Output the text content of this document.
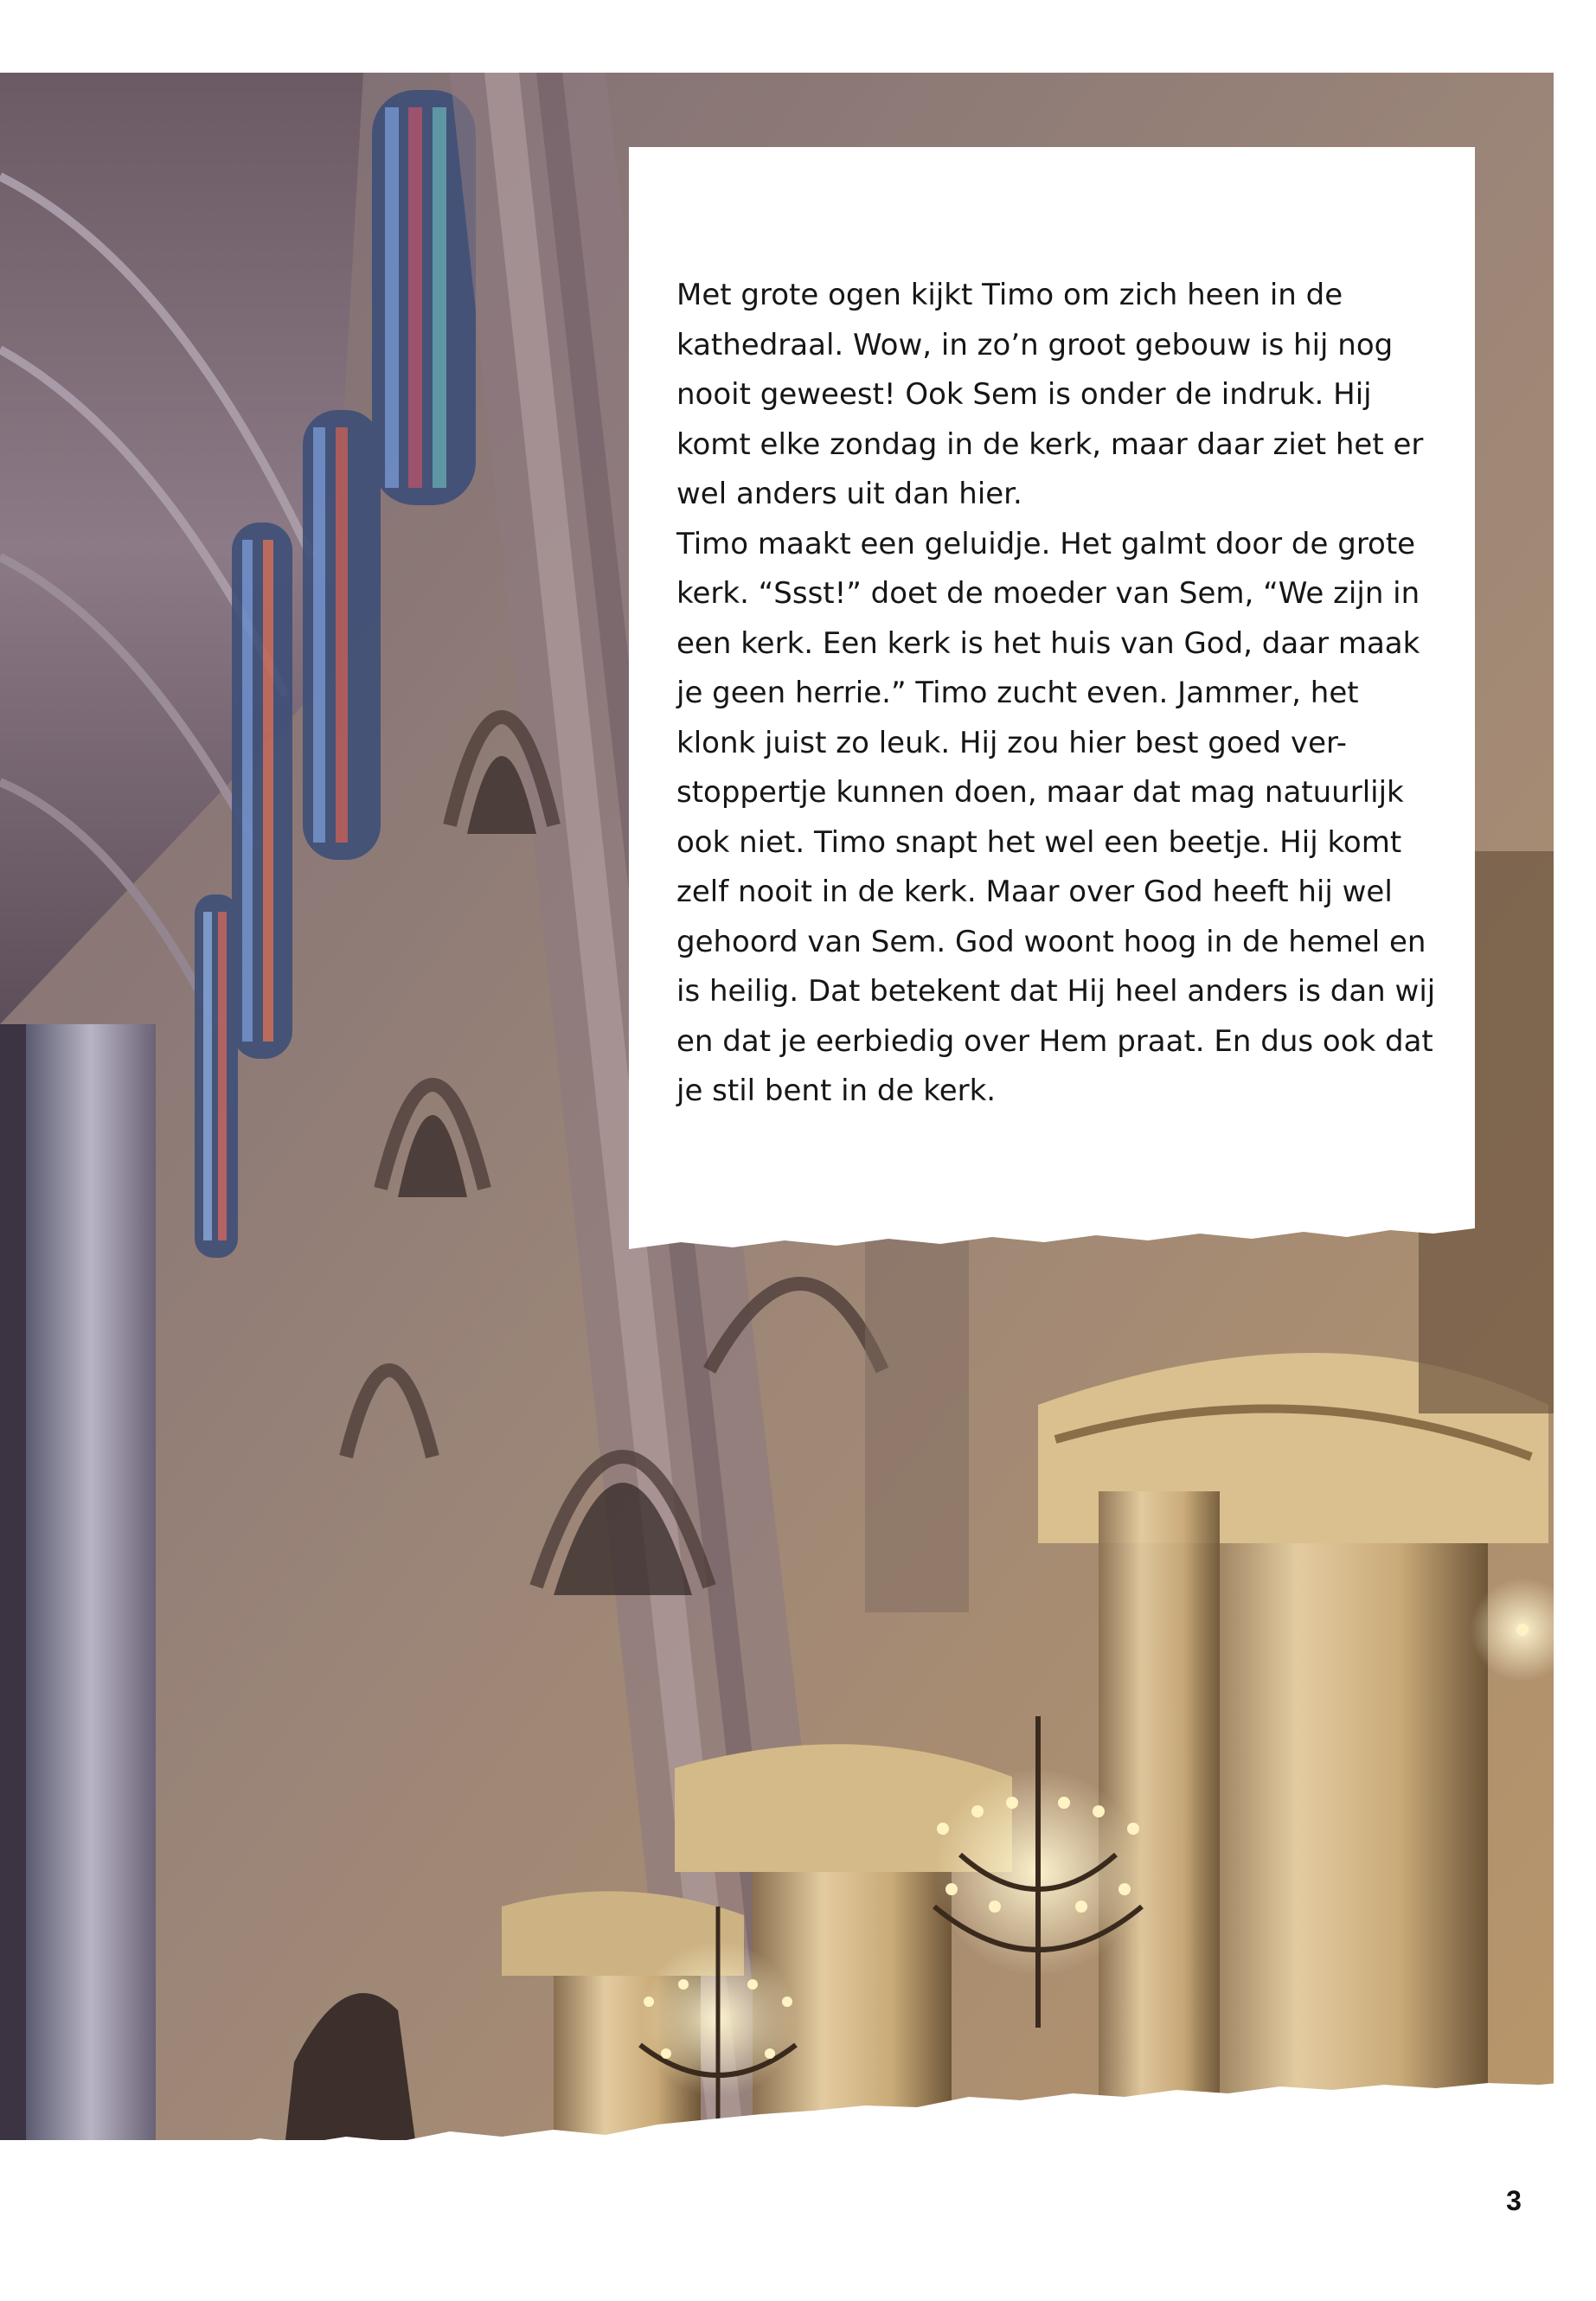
Met grote ogen kijkt Timo om zich heen in de kathedraal. Wow, in zo’n groot gebouw is hij nog nooit geweest! Ook Sem is onder de indruk. Hij komt elke zondag in de kerk, maar daar ziet het er wel anders uit dan hier.

Timo maakt een geluidje. Het galmt door de grote kerk. “Ssst!” doet de moeder van Sem, “We zijn in een kerk. Een kerk is het huis van God, daar maak je geen herrie.” Timo zucht even. Jammer, het klonk juist zo leuk. Hij zou hier best goed ver-stoppertje kunnen doen, maar dat mag natuurlijk ook niet. Timo snapt het wel een beetje. Hij komt zelf nooit in de kerk. Maar over God heeft hij wel gehoord van Sem. God woont hoog in de hemel en is heilig. Dat betekent dat Hij heel anders is dan wij en dat je eerbiedig over Hem praat. En dus ook dat je stil bent in de kerk.

3
